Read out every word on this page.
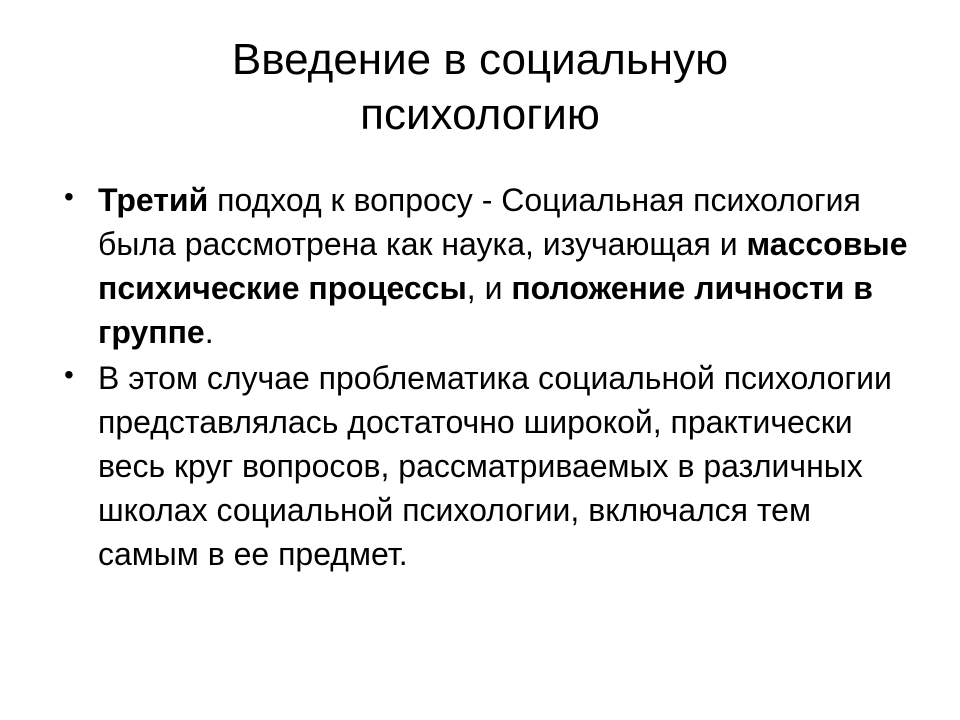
Введение в социальную
психологию
• Третий подход к вопросу - Социальная психология была рассмотрена как наука, изучающая и массовые психические процессы, и положение личности в группе.
• В этом случае проблематика социальной психологии представлялась достаточно широкой, практически весь круг вопросов, рассматриваемых в различных школах социальной психологии, включался тем самым в ее предмет.
